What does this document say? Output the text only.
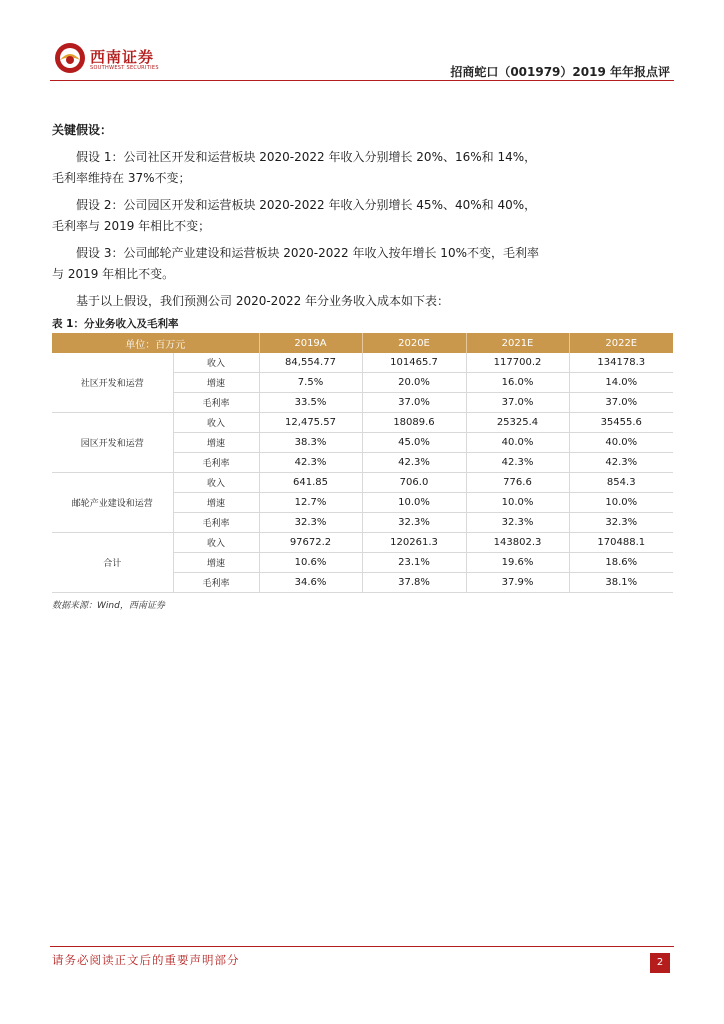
西南证券
SOUTHWEST SECURITIES	招商蛇口（001979）2019 年年报点评
关键假设：

假设 1：公司社区开发和运营板块 2020-2022 年收入分别增长 20%、16%和 14%，毛利率维持在 37%不变；

假设 2：公司园区开发和运营板块 2020-2022 年收入分别增长 45%、40%和 40%，毛利率与 2019 年相比不变；

假设 3：公司邮轮产业建设和运营板块 2020-2022 年收入按年增长 10%不变，毛利率与 2019 年相比不变。

基于以上假设，我们预测公司 2020-2022 年分业务收入成本如下表：

表 1：分业务收入及毛利率
单位：百万元		2019A	2020E	2021E	2022E
社区开发和运营	收入	84,554.77	101465.7	117700.2	134178.3
	增速	7.5%	20.0%	16.0%	14.0%
	毛利率	33.5%	37.0%	37.0%	37.0%
园区开发和运营	收入	12,475.57	18089.6	25325.4	35455.6
	增速	38.3%	45.0%	40.0%	40.0%
	毛利率	42.3%	42.3%	42.3%	42.3%
邮轮产业建设和运营	收入	641.85	706.0	776.6	854.3
	增速	12.7%	10.0%	10.0%	10.0%
	毛利率	32.3%	32.3%	32.3%	32.3%
合计	收入	97672.2	120261.3	143802.3	170488.1
	增速	10.6%	23.1%	19.6%	18.6%
	毛利率	34.6%	37.8%	37.9%	38.1%
数据来源：Wind，西南证券
请务必阅读正文后的重要声明部分	2
